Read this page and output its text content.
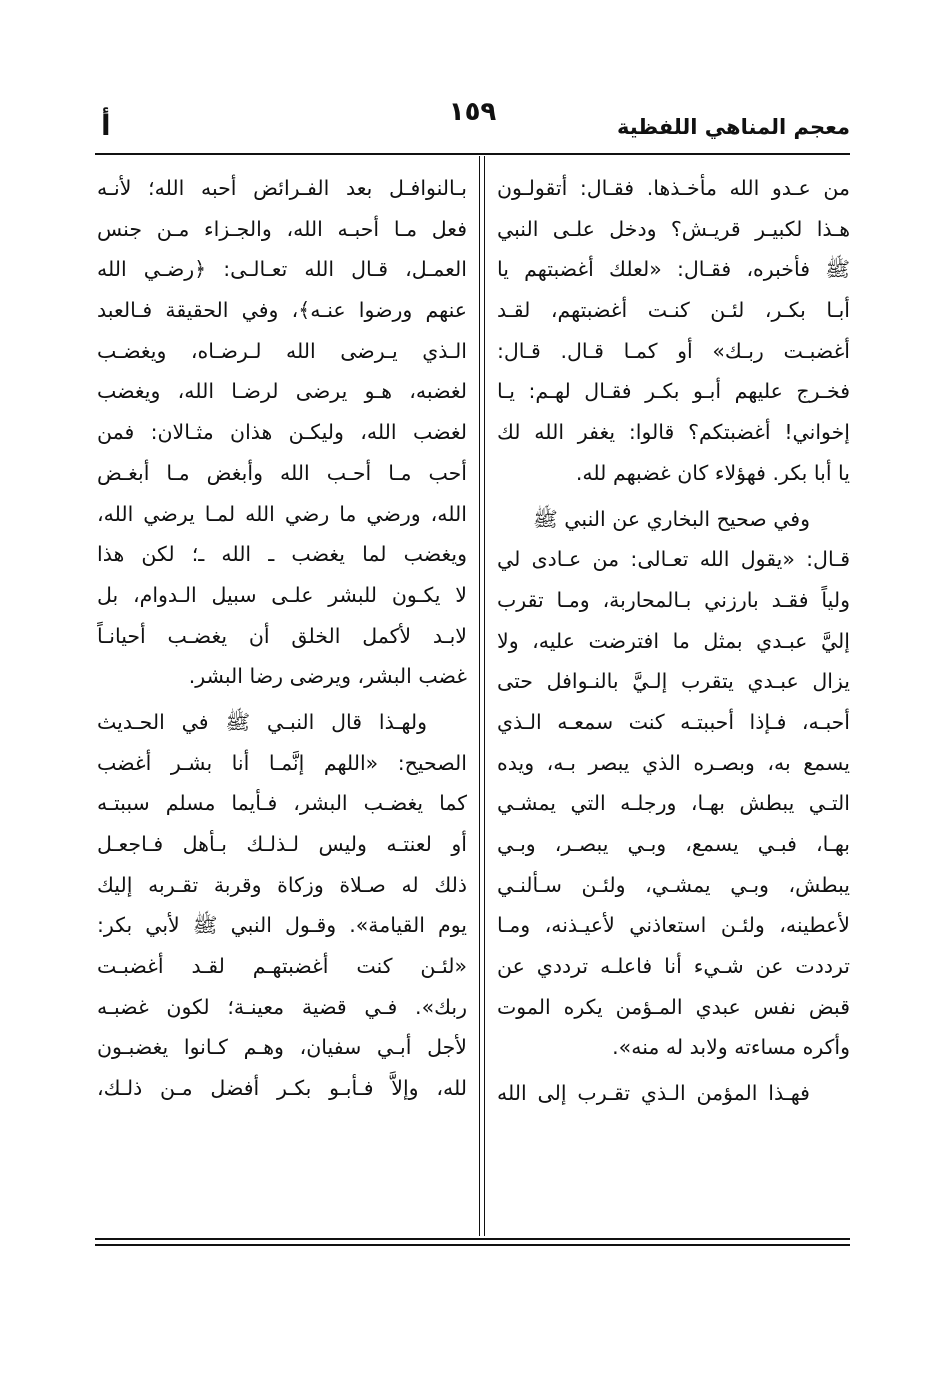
معجم المناهي اللفظية
١٥٩
أ
من عـدو الله مأخـذها. فقـال: أتقولـون
هـذا لكبيـر قريـش؟ ودخل علـى النبي
ﷺ فأخبره، فقـال: «لعلك أغضبتهم يا
أبـا بكـر، لئـن كنـت أغضبتهم، لقـد
أغضبـت ربـك» أو كمـا قـال. قـال:
فخـرج عليهم أبـو بكـر فقـال لهـم: يـا
إخواني! أغضبتكم؟ قالوا: يغفر الله لك
يا أبا بكر. فهؤلاء كان غضبهم لله.
وفي صحيح البخاري عن النبي ﷺ
قـال: «يقول الله تعـالى: من عـادى لي
ولياً فقـد بارزني بـالمحاربة، ومـا تقرب
إليَّ عبـدي بمثل ما افترضت عليه، ولا
يزال عبـدي يتقرب إلـيَّ بالنـوافل حتى
أحبـه، فـإذا أحببتـه كنت سمعـه الـذي
يسمع به، وبصـره الذي يبصر بـه، ويده
التـي يبطش بهـا، ورجلـه التي يمشـي
بهـا، فبـي يسمع، وبـي يبصـر، وبـي
يبطش، وبـي يمشـي، ولئـن سـألنـي
لأعطينه، ولئـن استعاذني لأعيـذنه، ومـا
ترددت عن شـيء أنا فاعلـه ترددي عن
قبض نفس عبدي المـؤمن يكره الموت
وأكره مساءته ولابد له منه».
فهـذا المؤمن الـذي تقـرب إلى الله
بـالنوافـل بعد الفـرائض أحبه الله؛ لأنـه
فعل مـا أحبـه الله، والجـزاء مـن جنس
العمـل، قـال الله تعـالـى: ﴿رضـي الله
عنهم ورضوا عنـه﴾، وفي الحقيقة فـالعبد
الـذي يـرضى الله لـرضـاه، ويغضـب
لغضبه، هـو يرضى لرضـا الله، ويغضب
لغضب الله، وليكـن هذان مثـالان: فمن
أحب مـا أحـب الله وأبغض مـا أبغـض
الله، ورضي ما رضي الله لمـا يرضي الله،
ويغضب لما يغضب ـ الله ـ؛ لكن هذا
لا يكـون للبشر علـى سبيل الـدوام، بل
لابـد لأكمل الخلق أن يغضـب أحيانـاً
غضب البشر، ويرضى رضا البشر.
ولهـذا قال النبـي ﷺ في الحـديث
الصحيح: «اللهم إنَّمـا أنا بشـر أغضب
كما يغضـب البشر، فـأيما مسلم سببتـه
أو لعنتـه وليس لـذلـك بـأهل فـاجعـل
ذلك له صـلاة وزكاة وقربة تقـربه إليك
يوم القيامة». وقـول النبي ﷺ لأبي بكر:
«لئـن كنت أغضبتهـم لقـد أغضبـت
ربك». فـي قضية معينـة؛ لكون غضبـه
لأجل أبـي سفيان، وهـم كـانوا يغضبـون
لله، وإلاَّ فـأبـو بكـر أفضل مـن ذلـك،
